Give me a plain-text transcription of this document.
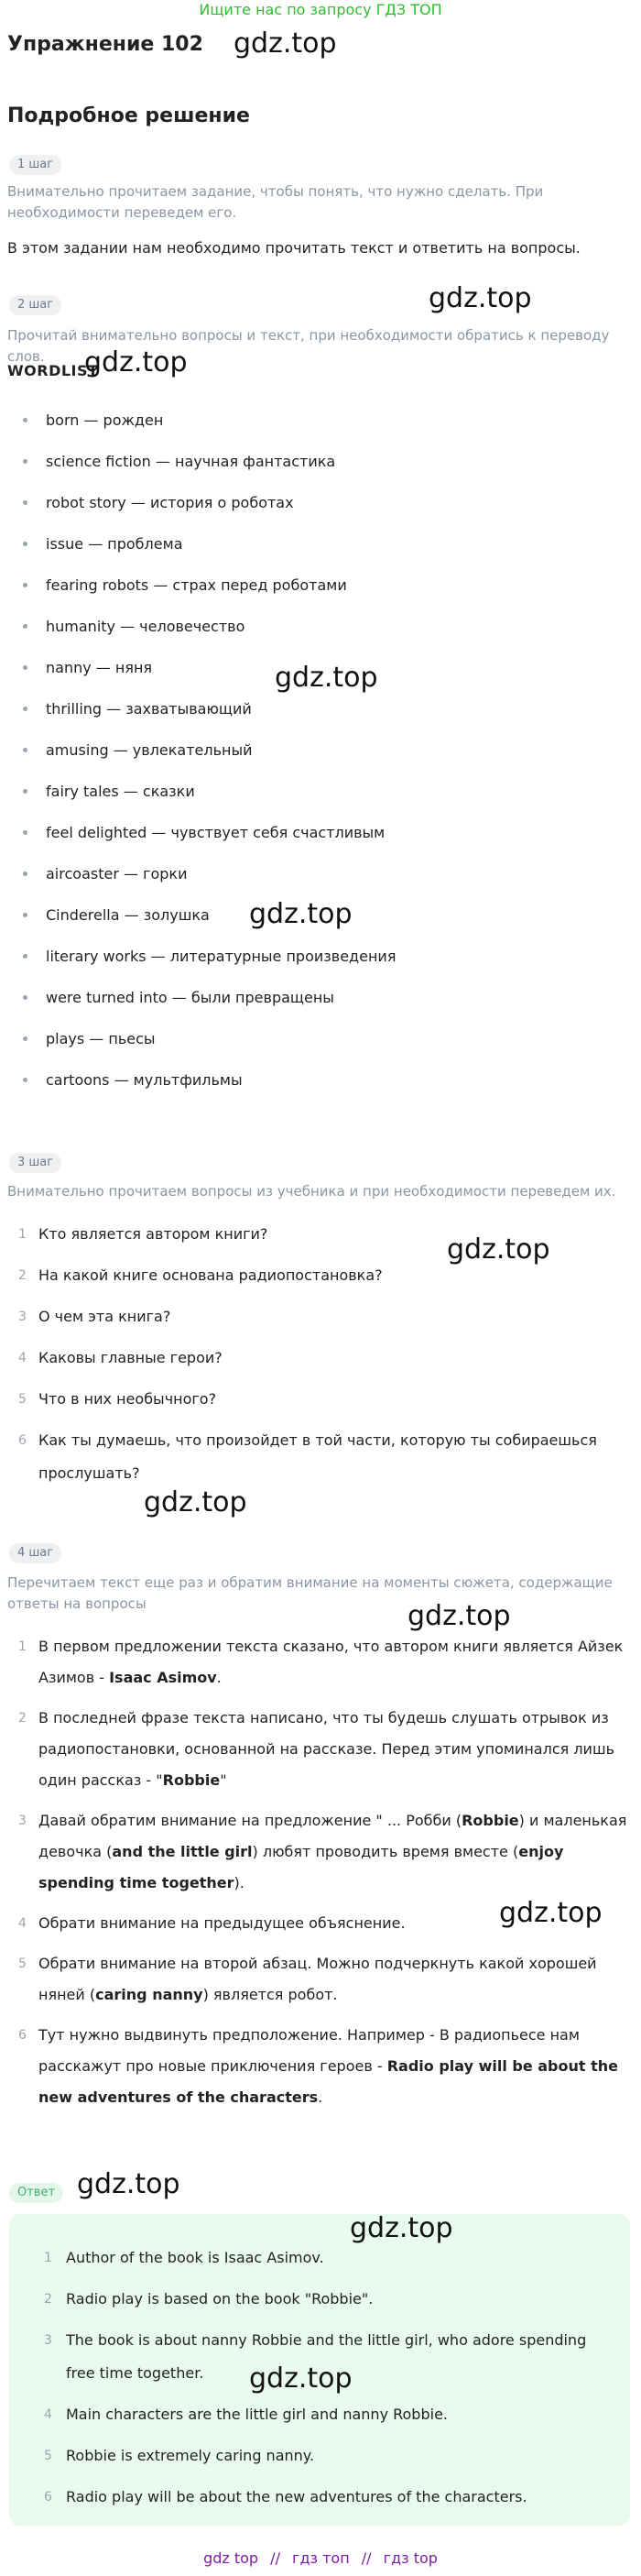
Ищите нас по запросу ГДЗ ТОП
Упражнение 102 gdz.top
Подробное решение
1 шаг
Внимательно прочитаем задание, чтобы понять, что нужно сделать. При необходимости переведем его.
В этом задании нам необходимо прочитать текст и ответить на вопросы.
2 шаг	gdz.top
Прочитай внимательно вопросы и текст, при необходимости обратись к переводу слов.
WORDLIST
gdz.top
born — рожден
science fiction — научная фантастика
robot story — история о роботах
issue — проблема
fearing robots — страх перед роботами
humanity — человечество
nanny — няня
thrilling — захватывающий
amusing — увлекательный
fairy tales — сказки
feel delighted — чувствует себя счастливым
aircoaster — горки
Cinderella — золушка
literary works — литературные произведения
were turned into — были превращены
plays — пьесы
cartoons — мультфильмы
gdz.top
gdz.top
3 шаг
Внимательно прочитаем вопросы из учебника и при необходимости переведем их.
1 Кто является автором книги?
2 На какой книге основана радиопостановка?
3 О чем эта книга?
4 Каковы главные герои?
5 Что в них необычного?
6 Как ты думаешь, что произойдет в той части, которую ты собираешься прослушать?
gdz.top
gdz.top
4 шаг
Перечитаем текст еще раз и обратим внимание на моменты сюжета, содержащие ответы на вопросы	gdz.top
1 В первом предложении текста сказано, что автором книги является Айзек Азимов - Isaac Asimov.
2 В последней фразе текста написано, что ты будешь слушать отрывок из радиопостановки, основанной на рассказе. Перед этим упоминался лишь один рассказ - "Robbie"
3 Давай обратим внимание на предложение " ... Робби (Robbie) и маленькая девочка (and the little girl) любят проводить время вместе (enjoy spending time together).
4 Обрати внимание на предыдущее объяснение.
5 Обрати внимание на второй абзац. Можно подчеркнуть какой хорошей няней (caring nanny) является робот.
6 Тут нужно выдвинуть предположение. Например - В радиопьесе нам расскажут про новые приключения героев - Radio play will be about the new adventures of the characters.
gdz.top
Ответ gdz.top
gdz.top
1 Author of the book is Isaac Asimov.
2 Radio play is based on the book "Robbie".
3 The book is about nanny Robbie and the little girl, who adore spending free time together.
4 Main characters are the little girl and nanny Robbie.
5 Robbie is extremely caring nanny.
6 Radio play will be about the new adventures of the characters.
gdz.top
gdz top // гдз топ // гдз top
